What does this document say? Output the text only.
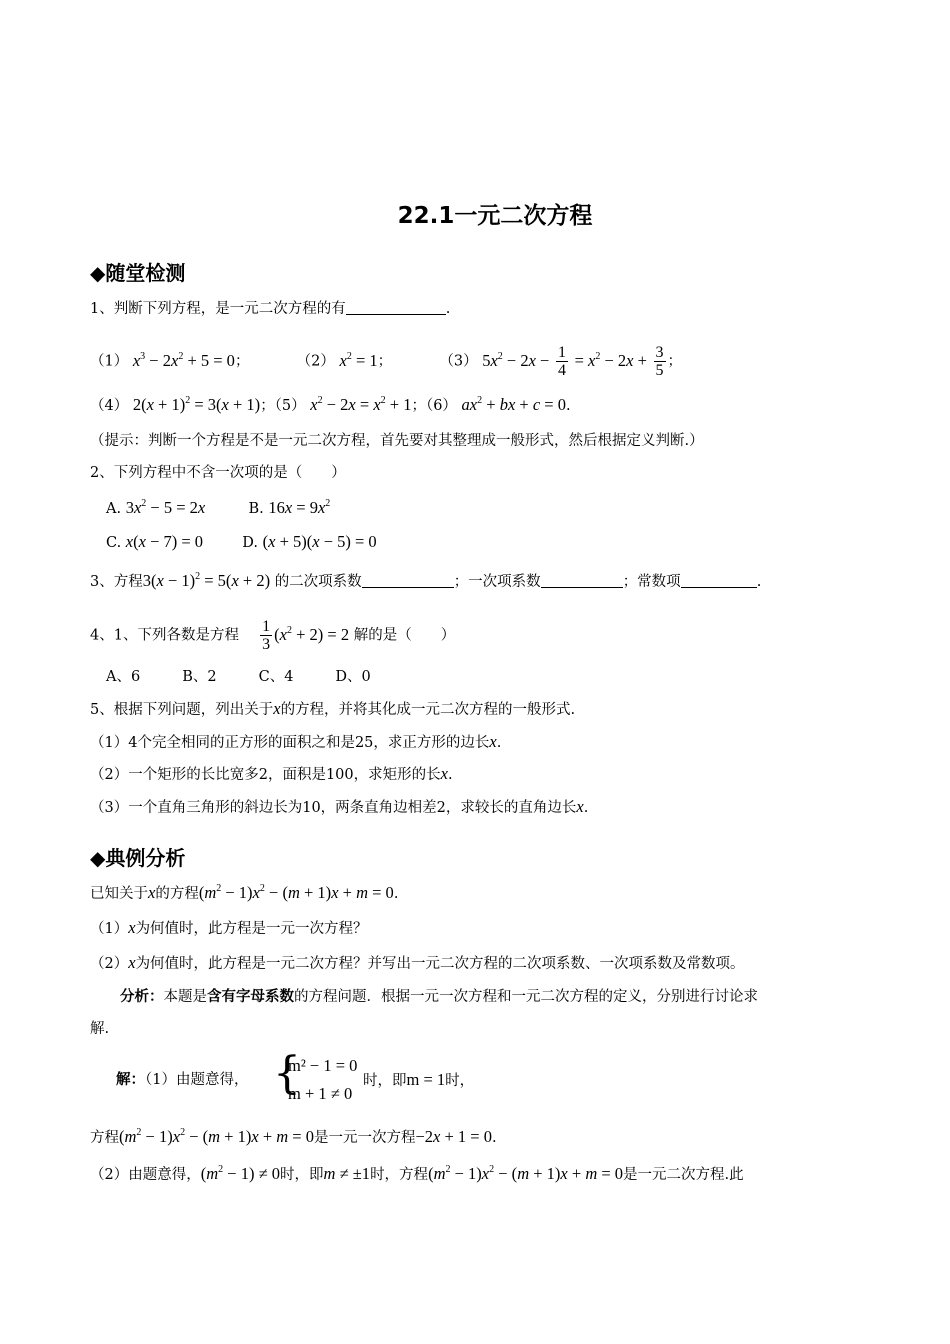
22.1一元二次方程
◆随堂检测
1、判断下列方程，是一元二次方程的有	.
（1） $x^3 - 2x^2 + 5 = 0$；	（2） $x^2 = 1$；	（3） $5x^2 - 2x - \frac{1}{4} = x^2 - 2x + \frac{3}{5}$ ；
（4） $2(x + 1)^2 = 3(x + 1)$；（5） $x^2 - 2x = x^2 + 1$；（6） $ax^2$ + bx + c = 0.
（提示：判断一个方程是不是一元二次方程，首先要对其整理成一般形式，然后根据定义判断.）
2、下列方程中不含一次项的是（　　）
A. $3x^2 - 5 = 2x$	B. $16x = 9x^2$
C. x(x − 7) = 0	D. (x + 5)(x − 5) = 0
3、方程$3(x - 1)^2 = 5(x + 2)$ 的二次项系数	；一次项系数	；常数项	.
4、1、下列各数是方程 $\frac{1}{3} (x^2 + 2) = 2$ 解的是（　　）
A、6	B、2	C、4	D、0
5、根据下列问题，列出关于x的方程，并将其化成一元二次方程的一般形式.
（1）4个完全相同的正方形的面积之和是25，求正方形的边长x.
（2）一个矩形的长比宽多2，面积是100，求矩形的长x.
（3）一个直角三角形的斜边长为10，两条直角边相差2，求较长的直角边长x.
◆典例分析
已知关于x的方程$(m^2 - 1)x^2 - (m + 1)x + m = 0$.
（1）x为何值时，此方程是一元一次方程？
（2）x为何值时，此方程是一元二次方程？并写出一元二次方程的二次项系数、一次项系数及常数项。
分析：本题是含有字母系数的方程问题．根据一元一次方程和一元二次方程的定义，分别进行讨论求
解.
解：（1）由题意得， {
m² − 1 = 0
m + 1 ≠ 0
时，即m = 1时，
方程$(m^2 - 1)x^2 - (m + 1)x + m = 0$是一元一次方程−2x + 1 = 0.
（2）由题意得，$(m^2 - 1) \ne 0$时，即m ≠ ±1时，方程$(m^2 - 1)x^2 - (m + 1)x + m = 0$是一元二次方程.此
